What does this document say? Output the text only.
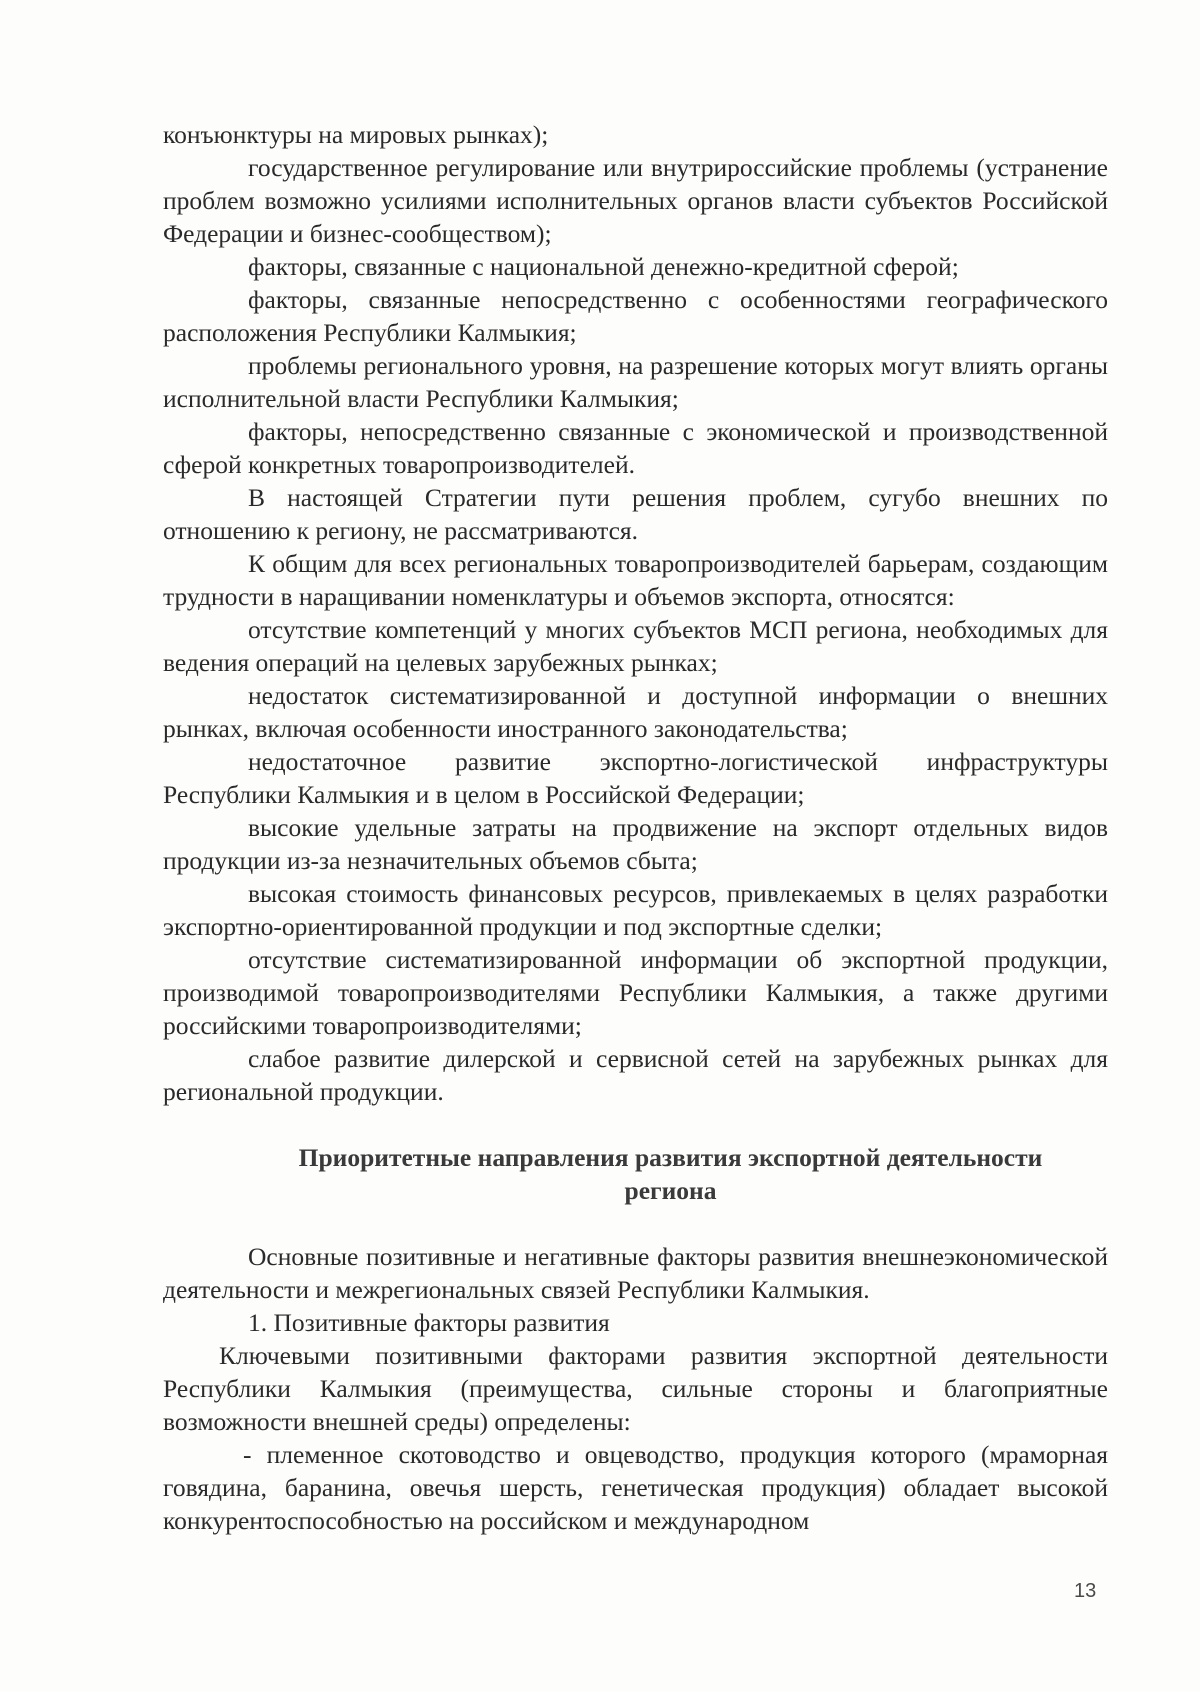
конъюнктуры на мировых рынках);

государственное регулирование или внутрироссийские проблемы (устранение проблем возможно усилиями исполнительных органов власти субъектов Российской Федерации и бизнес-сообществом);

факторы, связанные с национальной денежно-кредитной сферой;

факторы, связанные непосредственно с особенностями географического расположения Республики Калмыкия;

проблемы регионального уровня, на разрешение которых могут влиять органы исполнительной власти Республики Калмыкия;

факторы, непосредственно связанные с экономической и производственной сферой конкретных товаропроизводителей.

В настоящей Стратегии пути решения проблем, сугубо внешних по отношению к региону, не рассматриваются.

К общим для всех региональных товаропроизводителей барьерам, создающим трудности в наращивании номенклатуры и объемов экспорта, относятся:

отсутствие компетенций у многих субъектов МСП региона, необходимых для ведения операций на целевых зарубежных рынках;

недостаток систематизированной и доступной информации о внешних рынках, включая особенности иностранного законодательства;

недостаточное развитие экспортно-логистической инфраструктуры Республики Калмыкия и в целом в Российской Федерации;

высокие удельные затраты на продвижение на экспорт отдельных видов продукции из-за незначительных объемов сбыта;

высокая стоимость финансовых ресурсов, привлекаемых в целях разработки экспортно-ориентированной продукции и под экспортные сделки;

отсутствие систематизированной информации об экспортной продукции, производимой товаропроизводителями Республики Калмыкия, а также другими российскими товаропроизводителями;

слабое развитие дилерской и сервисной сетей на зарубежных рынках для региональной продукции.

Приоритетные направления развития экспортной деятельности
региона

Основные позитивные и негативные факторы развития внешнеэкономической деятельности и межрегиональных связей Республики Калмыкия.

1. Позитивные факторы развития

Ключевыми позитивными факторами развития экспортной деятельности Республики Калмыкия (преимущества, сильные стороны и благоприятные возможности внешней среды) определены:

- племенное скотоводство и овцеводство, продукция которого (мраморная говядина, баранина, овечья шерсть, генетическая продукция) обладает высокой конкурентоспособностью на российском и международном

13
